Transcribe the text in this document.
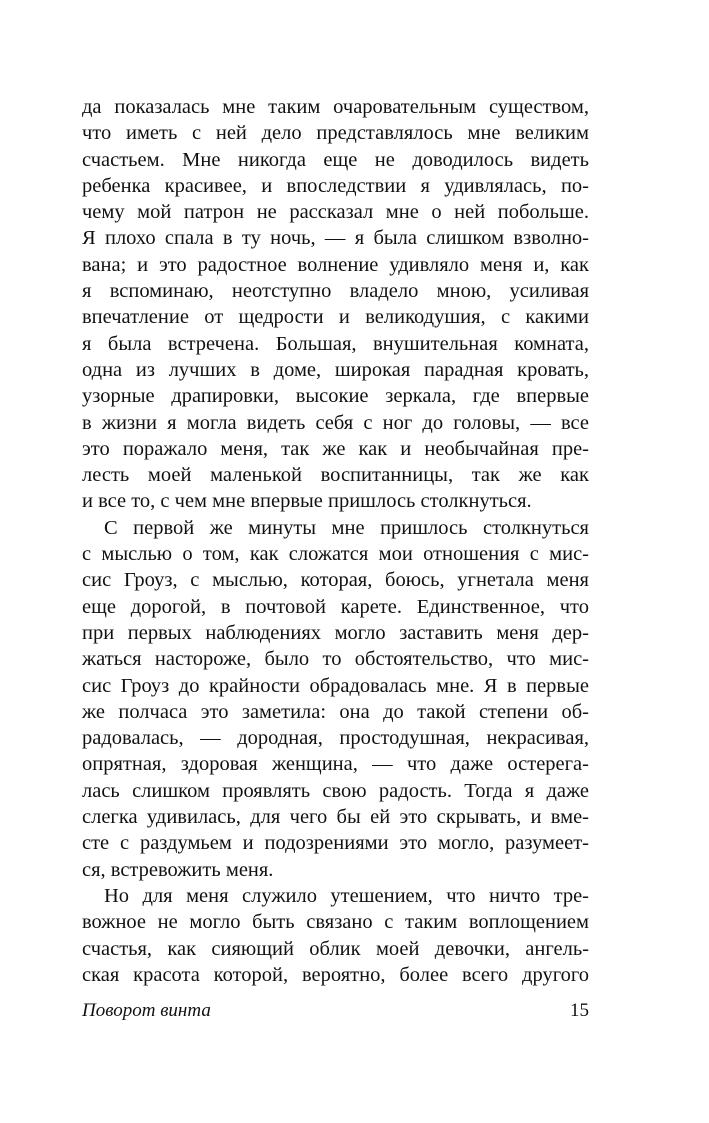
да показалась мне таким очаровательным существом,
что иметь с ней дело представлялось мне великим
счастьем. Мне никогда еще не доводилось видеть
ребенка красивее, и впоследствии я удивлялась, по-
чему мой патрон не рассказал мне о ней побольше.
Я плохо спала в ту ночь, — я была слишком взволно-
вана; и это радостное волнение удивляло меня и, как
я вспоминаю, неотступно владело мною, усиливая
впечатление от щедрости и великодушия, с какими
я была встречена. Большая, внушительная комната,
одна из лучших в доме, широкая парадная кровать,
узорные драпировки, высокие зеркала, где впервые
в жизни я могла видеть себя с ног до головы, — все
это поражало меня, так же как и необычайная пре-
лесть моей маленькой воспитанницы, так же как
и все то, с чем мне впервые пришлось столкнуться.
С первой же минуты мне пришлось столкнуться
с мыслью о том, как сложатся мои отношения с мис-
сис Гроуз, с мыслью, которая, боюсь, угнетала меня
еще дорогой, в почтовой карете. Единственное, что
при первых наблюдениях могло заставить меня дер-
жаться настороже, было то обстоятельство, что мис-
сис Гроуз до крайности обрадовалась мне. Я в первые
же полчаса это заметила: она до такой степени об-
радовалась, — дородная, простодушная, некрасивая,
опрятная, здоровая женщина, — что даже остерега-
лась слишком проявлять свою радость. Тогда я даже
слегка удивилась, для чего бы ей это скрывать, и вме-
сте с раздумьем и подозрениями это могло, разумеет-
ся, встревожить меня.
Но для меня служило утешением, что ничто тре-
вожное не могло быть связано с таким воплощением
счастья, как сияющий облик моей девочки, ангель-
ская красота которой, вероятно, более всего другого
Поворот винта	15
